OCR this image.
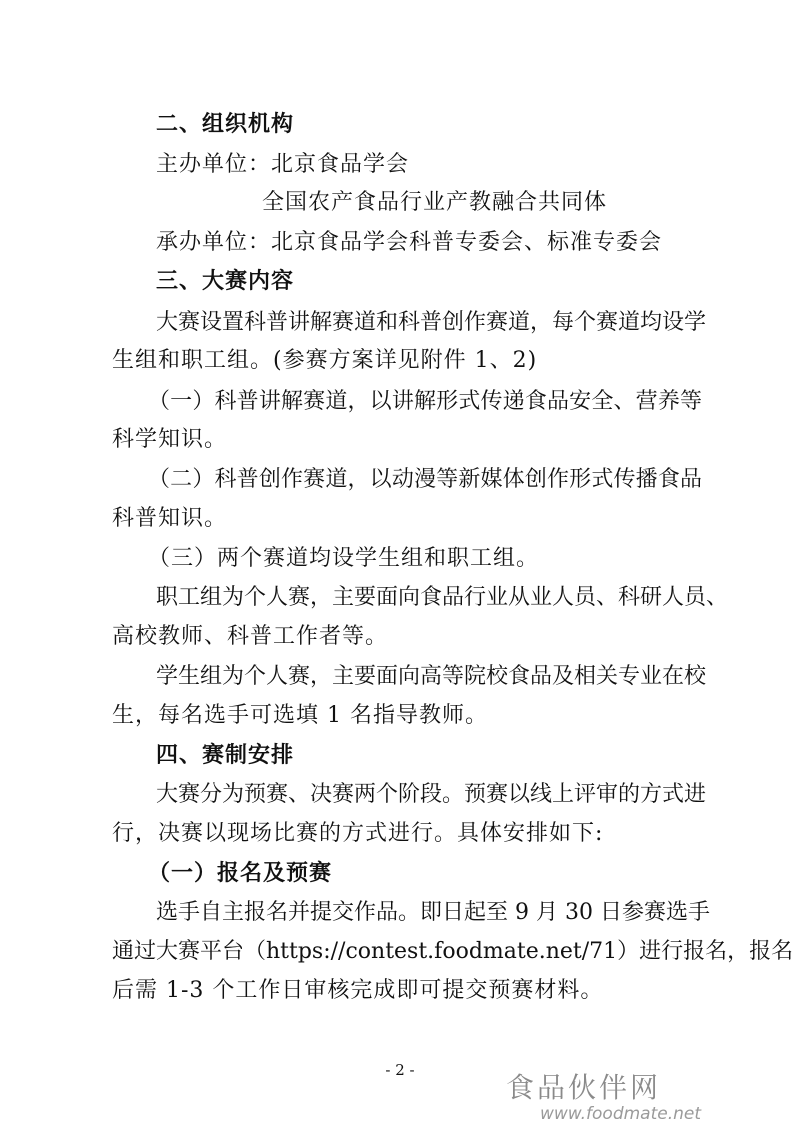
二、组织机构
主办单位：北京食品学会
全国农产食品行业产教融合共同体
承办单位：北京食品学会科普专委会、标准专委会
三、大赛内容
大赛设置科普讲解赛道和科普创作赛道，每个赛道均设学
生组和职工组。(参赛方案详见附件 1、2)
（一）科普讲解赛道，以讲解形式传递食品安全、营养等
科学知识。
（二）科普创作赛道，以动漫等新媒体创作形式传播食品
科普知识。
（三）两个赛道均设学生组和职工组。
职工组为个人赛，主要面向食品行业从业人员、科研人员、
高校教师、科普工作者等。
学生组为个人赛，主要面向高等院校食品及相关专业在校
生，每名选手可选填 1 名指导教师。
四、赛制安排
大赛分为预赛、决赛两个阶段。预赛以线上评审的方式进
行，决赛以现场比赛的方式进行。具体安排如下:
（一）报名及预赛
选手自主报名并提交作品。即日起至 9 月 30 日参赛选手
通过大赛平台（https://contest.foodmate.net/71）进行报名，报名
后需 1-3 个工作日审核完成即可提交预赛材料。
- 2 -
食品伙伴网
www.foodmate.net
